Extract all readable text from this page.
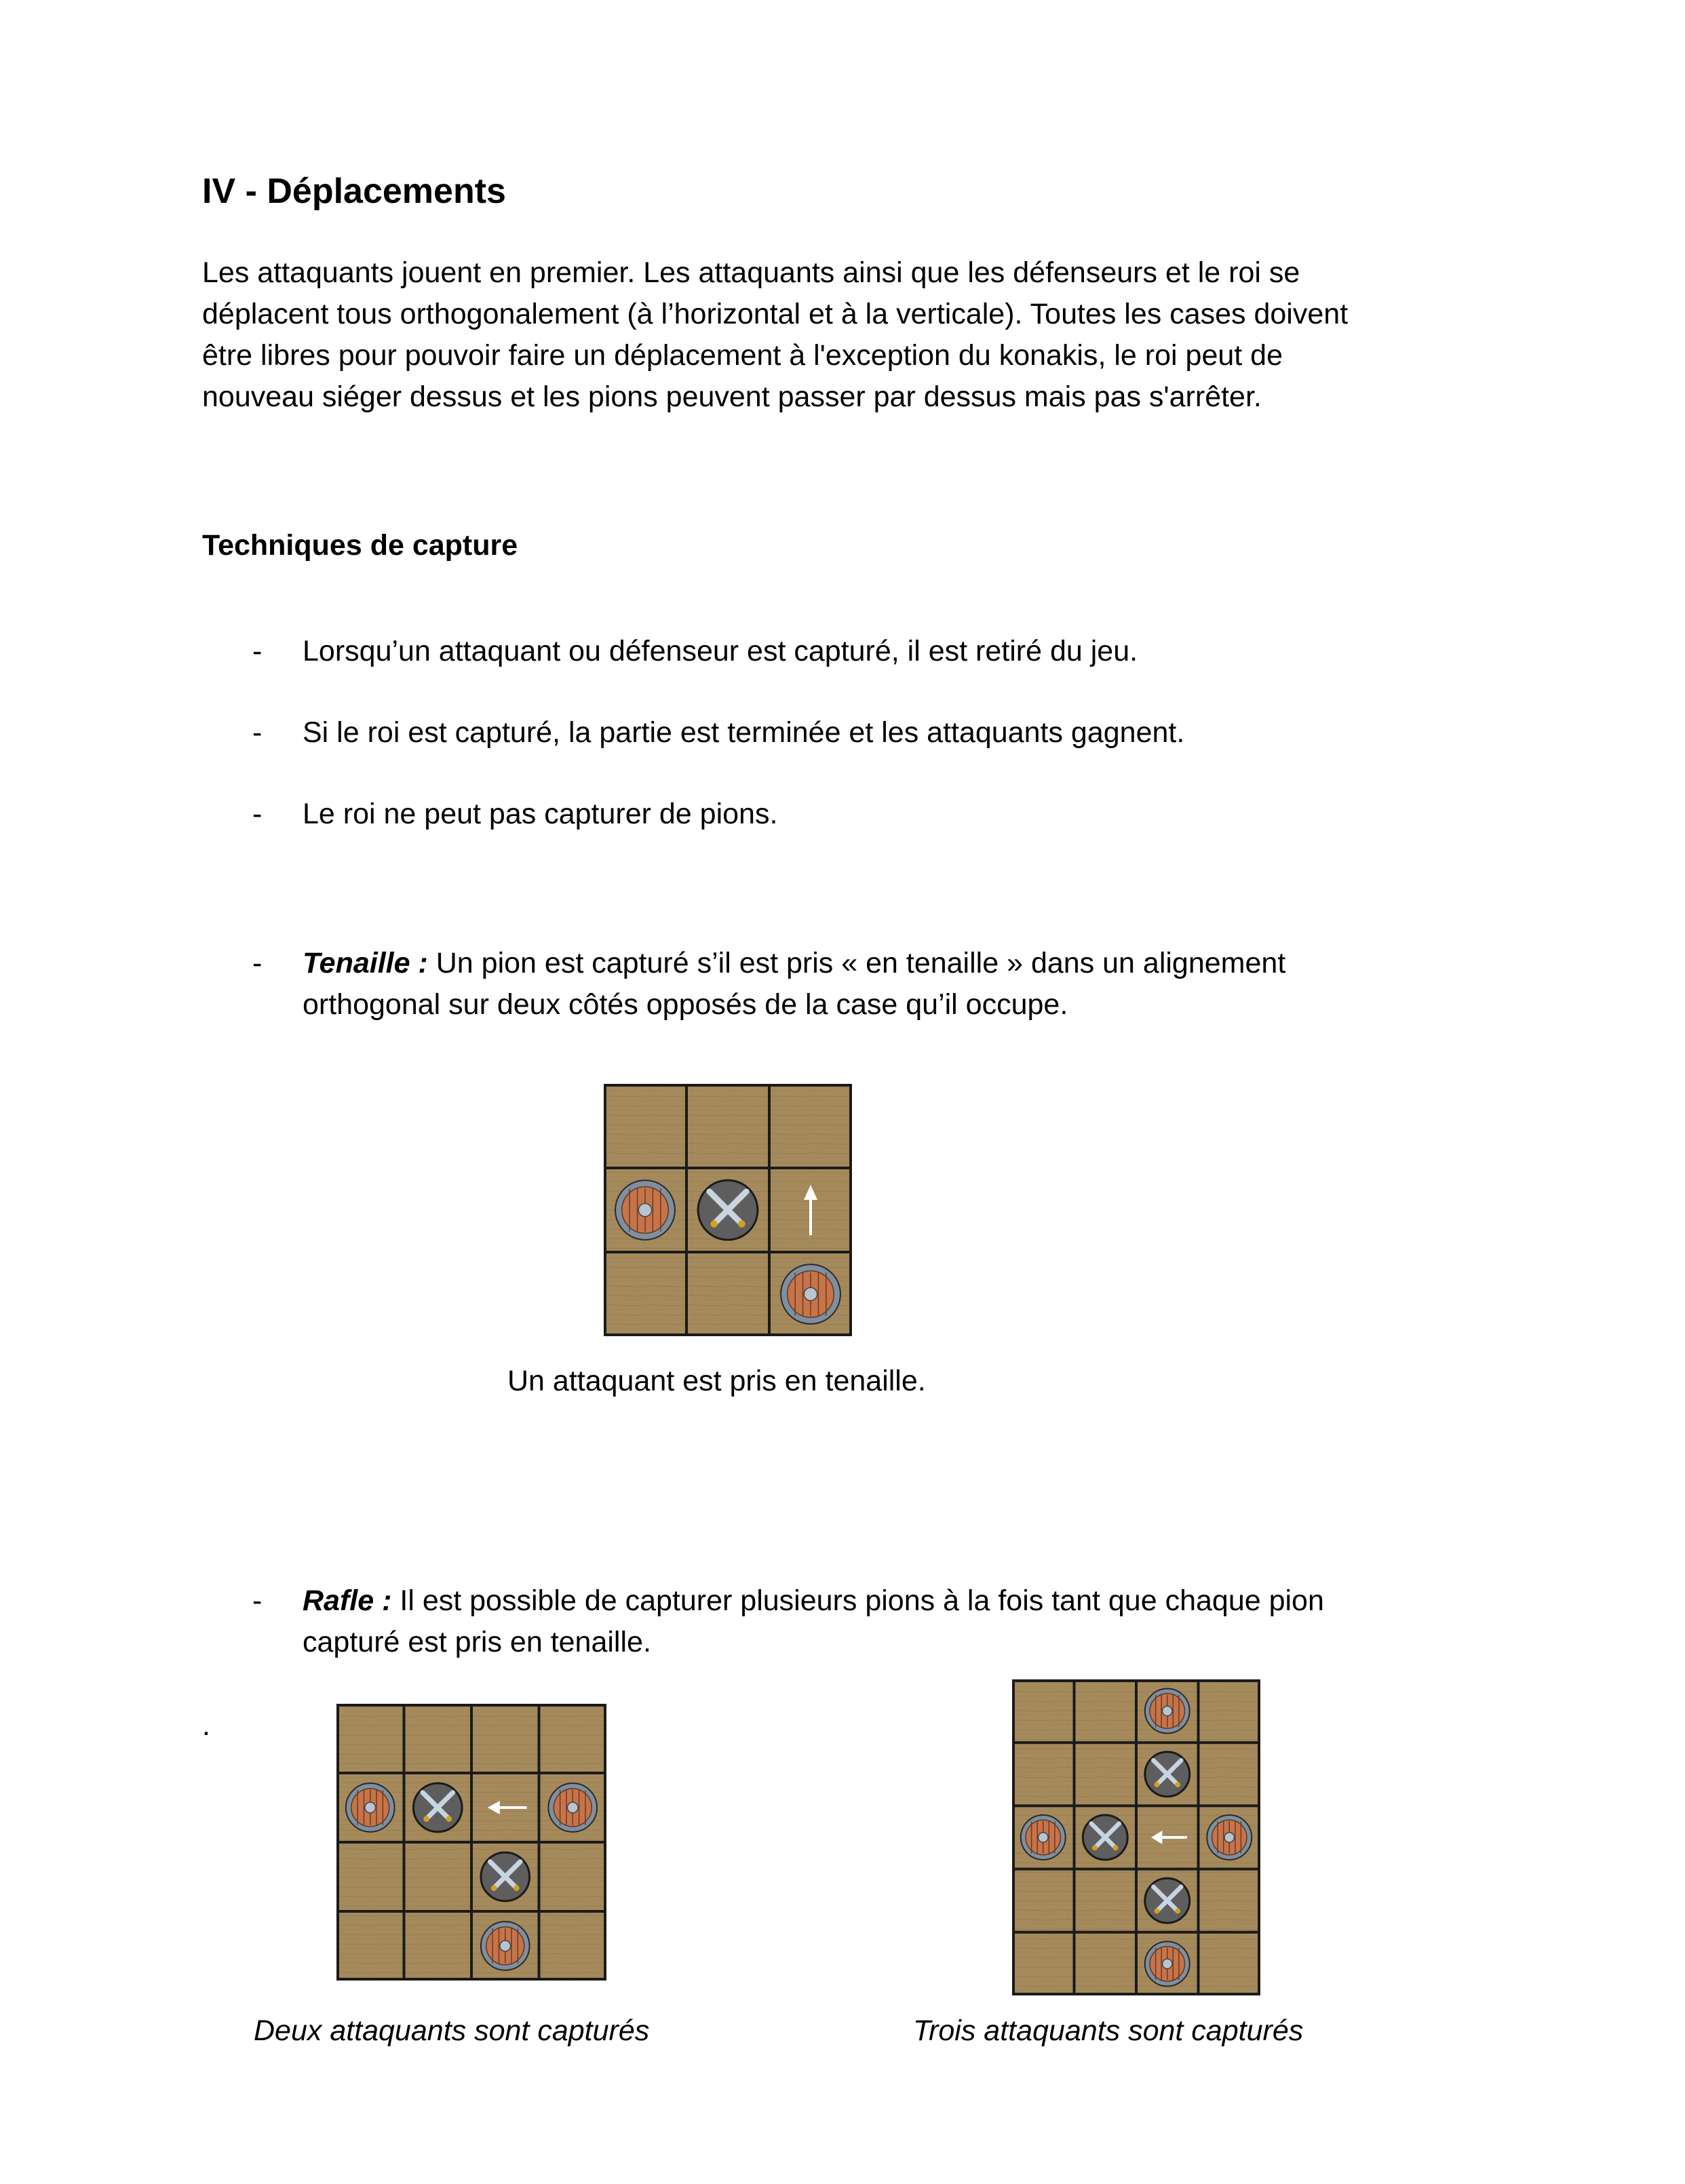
IV - Déplacements

Les attaquants jouent en premier. Les attaquants ainsi que les défenseurs et le roi se
déplacent tous orthogonalement (à l’horizontal et à la verticale). Toutes les cases doivent
être libres pour pouvoir faire un déplacement à l'exception du konakis, le roi peut de
nouveau siéger dessus et les pions peuvent passer par dessus mais pas s'arrêter.

Techniques de capture
- Lorsqu’un attaquant ou défenseur est capturé, il est retiré du jeu.
- Si le roi est capturé, la partie est terminée et les attaquants gagnent.
- Le roi ne peut pas capturer de pions.
- Tenaille : Un pion est capturé s’il est pris « en tenaille » dans un alignement
orthogonal sur deux côtés opposés de la case qu’il occupe.
Un attaquant est pris en tenaille.
- Rafle : Il est possible de capturer plusieurs pions à la fois tant que chaque pion
capturé est pris en tenaille.
.
Deux attaquants sont capturés	Trois attaquants sont capturés
